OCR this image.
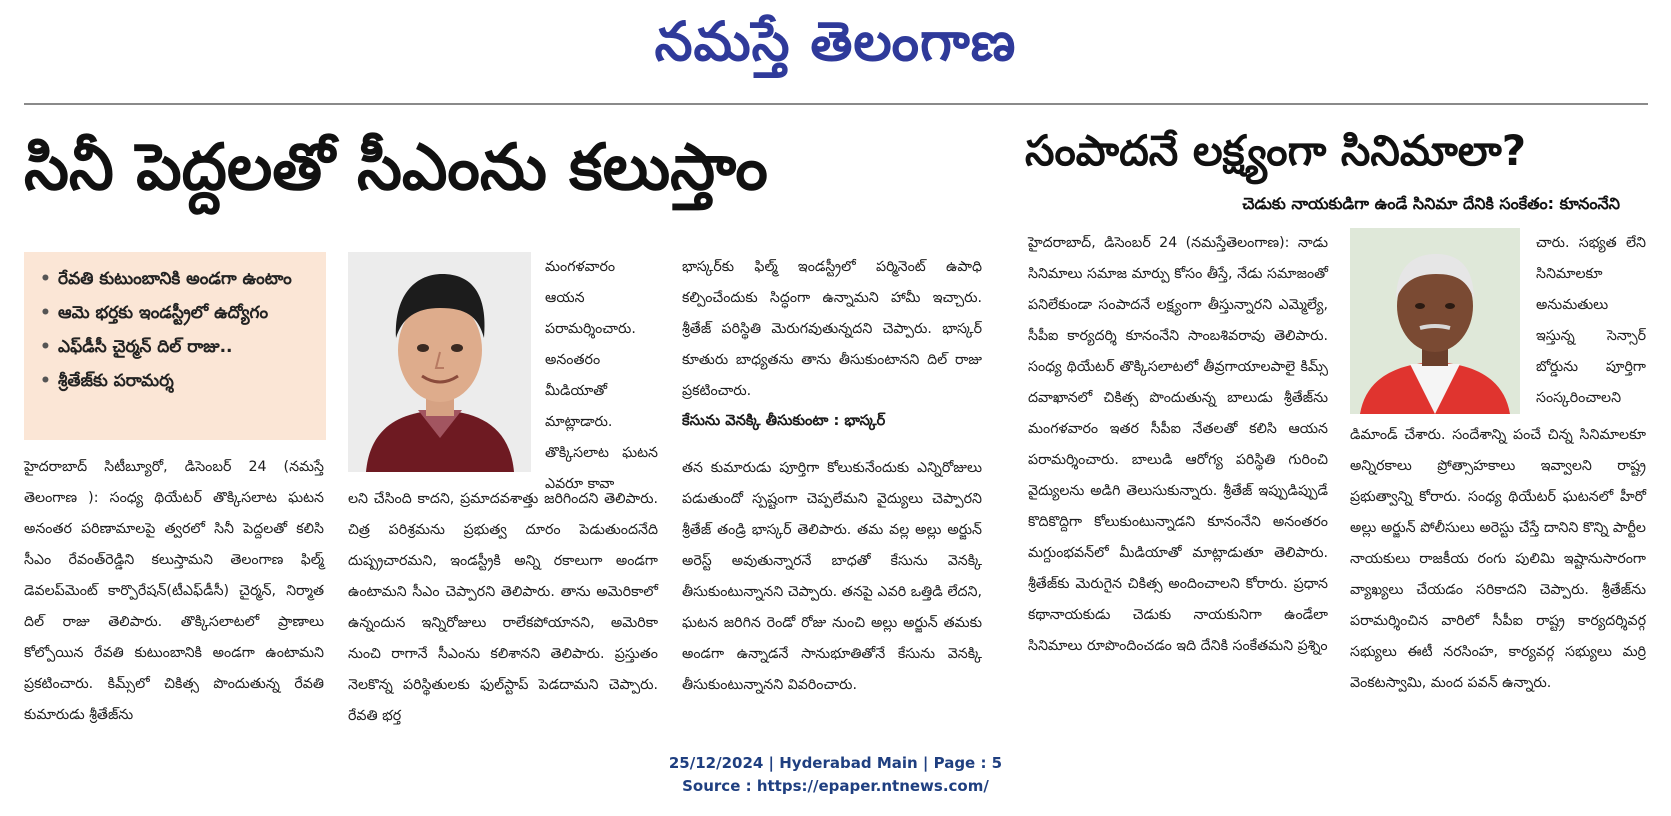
నమస్తే తెలంగాణ
సినీ పెద్దలతో సీఎంను కలుస్తాం
• రేవతి కుటుంబానికి అండగా ఉంటాం
• ఆమె భర్తకు ఇండస్ట్రీలో ఉద్యోగం
• ఎఫ్‌డీసీ చైర్మన్ దిల్ రాజు..
• శ్రీతేజ్‌కు పరామర్శ

హైదరాబాద్ సిటీబ్యూరో, డిసెంబర్ 24 (నమస్తే తెలంగాణ ): సంధ్య థియేటర్ తొక్కిసలాట ఘటన అనంతర పరిణామాలపై త్వరలో సినీ పెద్దలతో కలిసి సీఎం రేవంత్‌రెడ్డిని కలుస్తామని తెలంగాణ ఫిల్మ్ డెవలప్‌మెంట్ కార్పొరేషన్(టీఎఫ్‌డీసీ) చైర్మన్, నిర్మాత దిల్ రాజు తెలిపారు. తొక్కిసలాటలో ప్రాణాలు కోల్పోయిన రేవతి కుటుంబానికి అండగా ఉంటామని ప్రకటించారు. కిమ్స్‌లో చికిత్స పొందుతున్న రేవతి కుమారుడు శ్రీతేజ్‌ను

మంగళవారం ఆయన పరామర్శించారు. అనంతరం మీడియాతో మాట్లాడారు. తొక్కిసలాట ఘటన ఎవరూ కావా

లని చేసింది కాదని, ప్రమాదవశాత్తు జరిగిందని తెలిపారు. చిత్ర పరిశ్రమను ప్రభుత్వ దూరం పెడుతుందనేది దుష్ప్రచారమని, ఇండస్ట్రీకి అన్ని రకాలుగా అండగా ఉంటామని సీఎం చెప్పారని తెలిపారు. తాను అమెరికాలో ఉన్నందున ఇన్నిరోజులు రాలేకపోయానని, అమెరికా నుంచి రాగానే సీఎంను కలిశానని తెలిపారు. ప్రస్తుతం నెలకొన్న పరిస్థితులకు ఫుల్‌స్టాప్ పెడదామని చెప్పారు. రేవతి భర్త

భాస్కర్‌కు ఫిల్మ్ ఇండస్ట్రీలో పర్మినెంట్ ఉపాధి కల్పించేందుకు సిద్ధంగా ఉన్నామని హామీ ఇచ్చారు. శ్రీతేజ్ పరిస్థితి మెరుగవుతున్నదని చెప్పారు. భాస్కర్ కూతురు బాధ్యతను తాను తీసుకుంటానని దిల్ రాజు ప్రకటించారు.

కేసును వెనక్కి తీసుకుంటా : భాస్కర్

తన కుమారుడు పూర్తిగా కోలుకునేందుకు ఎన్నిరోజులు పడుతుందో స్పష్టంగా చెప్పలేమని వైద్యులు చెప్పారని శ్రీతేజ్ తండ్రి భాస్కర్ తెలిపారు. తమ వల్ల అల్లు అర్జున్ అరెస్ట్ అవుతున్నారనే బాధతో కేసును వెనక్కి తీసుకుంటున్నానని చెప్పారు. తనపై ఎవరి ఒత్తిడి లేదని, ఘటన జరిగిన రెండో రోజు నుంచి అల్లు అర్జున్ తమకు అండగా ఉన్నాడనే సానుభూతితోనే కేసును వెనక్కి తీసుకుంటున్నానని వివరించారు.

సంపాదనే లక్ష్యంగా సినిమాలా?
చెడుకు నాయకుడిగా ఉండే సినిమా దేనికి సంకేతం: కూనంనేని

హైదరాబాద్, డిసెంబర్ 24 (నమస్తేతెలంగాణ): నాడు సినిమాలు సమాజ మార్పు కోసం తీస్తే, నేడు సమాజంతో పనిలేకుండా సంపాదనే లక్ష్యంగా తీస్తున్నారని ఎమ్మెల్యే, సీపీఐ కార్యదర్శి కూనంనేని సాంబశివరావు తెలిపారు. సంధ్య థియేటర్ తొక్కిసలాటలో తీవ్రగాయాలపాలై కిమ్స్ దవాఖానలో చికిత్స పొందుతున్న బాలుడు శ్రీతేజ్‌ను మంగళవారం ఇతర సీపీఐ నేతలతో కలిసి ఆయన పరామర్శించారు. బాలుడి ఆరోగ్య పరిస్థితి గురించి వైద్యులను అడిగి తెలుసుకున్నారు. శ్రీతేజ్ ఇప్పుడిప్పుడే కొదికొద్దిగా కోలుకుంటున్నాడని కూనంనేని అనంతరం మగ్దుంభవన్‌లో మీడియాతో మాట్లాడుతూ తెలిపారు. శ్రీతేజ్‌కు మెరుగైన చికిత్స అందించాలని కోరారు. ప్రధాన కథానాయకుడు చెడుకు నాయకునిగా ఉండేలా సినిమాలు రూపొందించడం ఇది దేనికి సంకేతమని ప్రశ్నిం

చారు. సభ్యత లేని సినిమాలకూ అనుమతులు ఇస్తున్న సెన్సార్ బోర్డును పూర్తిగా సంస్కరించాలని

డిమాండ్ చేశారు. సందేశాన్ని పంచే చిన్న సినిమాలకూ అన్నిరకాలు ప్రోత్సాహకాలు ఇవ్వాలని రాష్ట్ర ప్రభుత్వాన్ని కోరారు. సంధ్య థియేటర్ ఘటనలో హీరో అల్లు అర్జున్ పోలీసులు అరెస్టు చేస్తే దానిని కొన్ని పార్టీల నాయకులు రాజకీయ రంగు పులిమి ఇష్టానుసారంగా వ్యాఖ్యలు చేయడం సరికాదని చెప్పారు. శ్రీతేజ్‌ను పరామర్శించిన వారిలో సీపీఐ రాష్ట్ర కార్యదర్శివర్గ సభ్యులు ఈటీ నరసింహ, కార్యవర్గ సభ్యులు మర్రి వెంకటస్వామి, మంద పవన్ ఉన్నారు.

25/12/2024 | Hyderabad Main | Page : 5
Source : https://epaper.ntnews.com/
